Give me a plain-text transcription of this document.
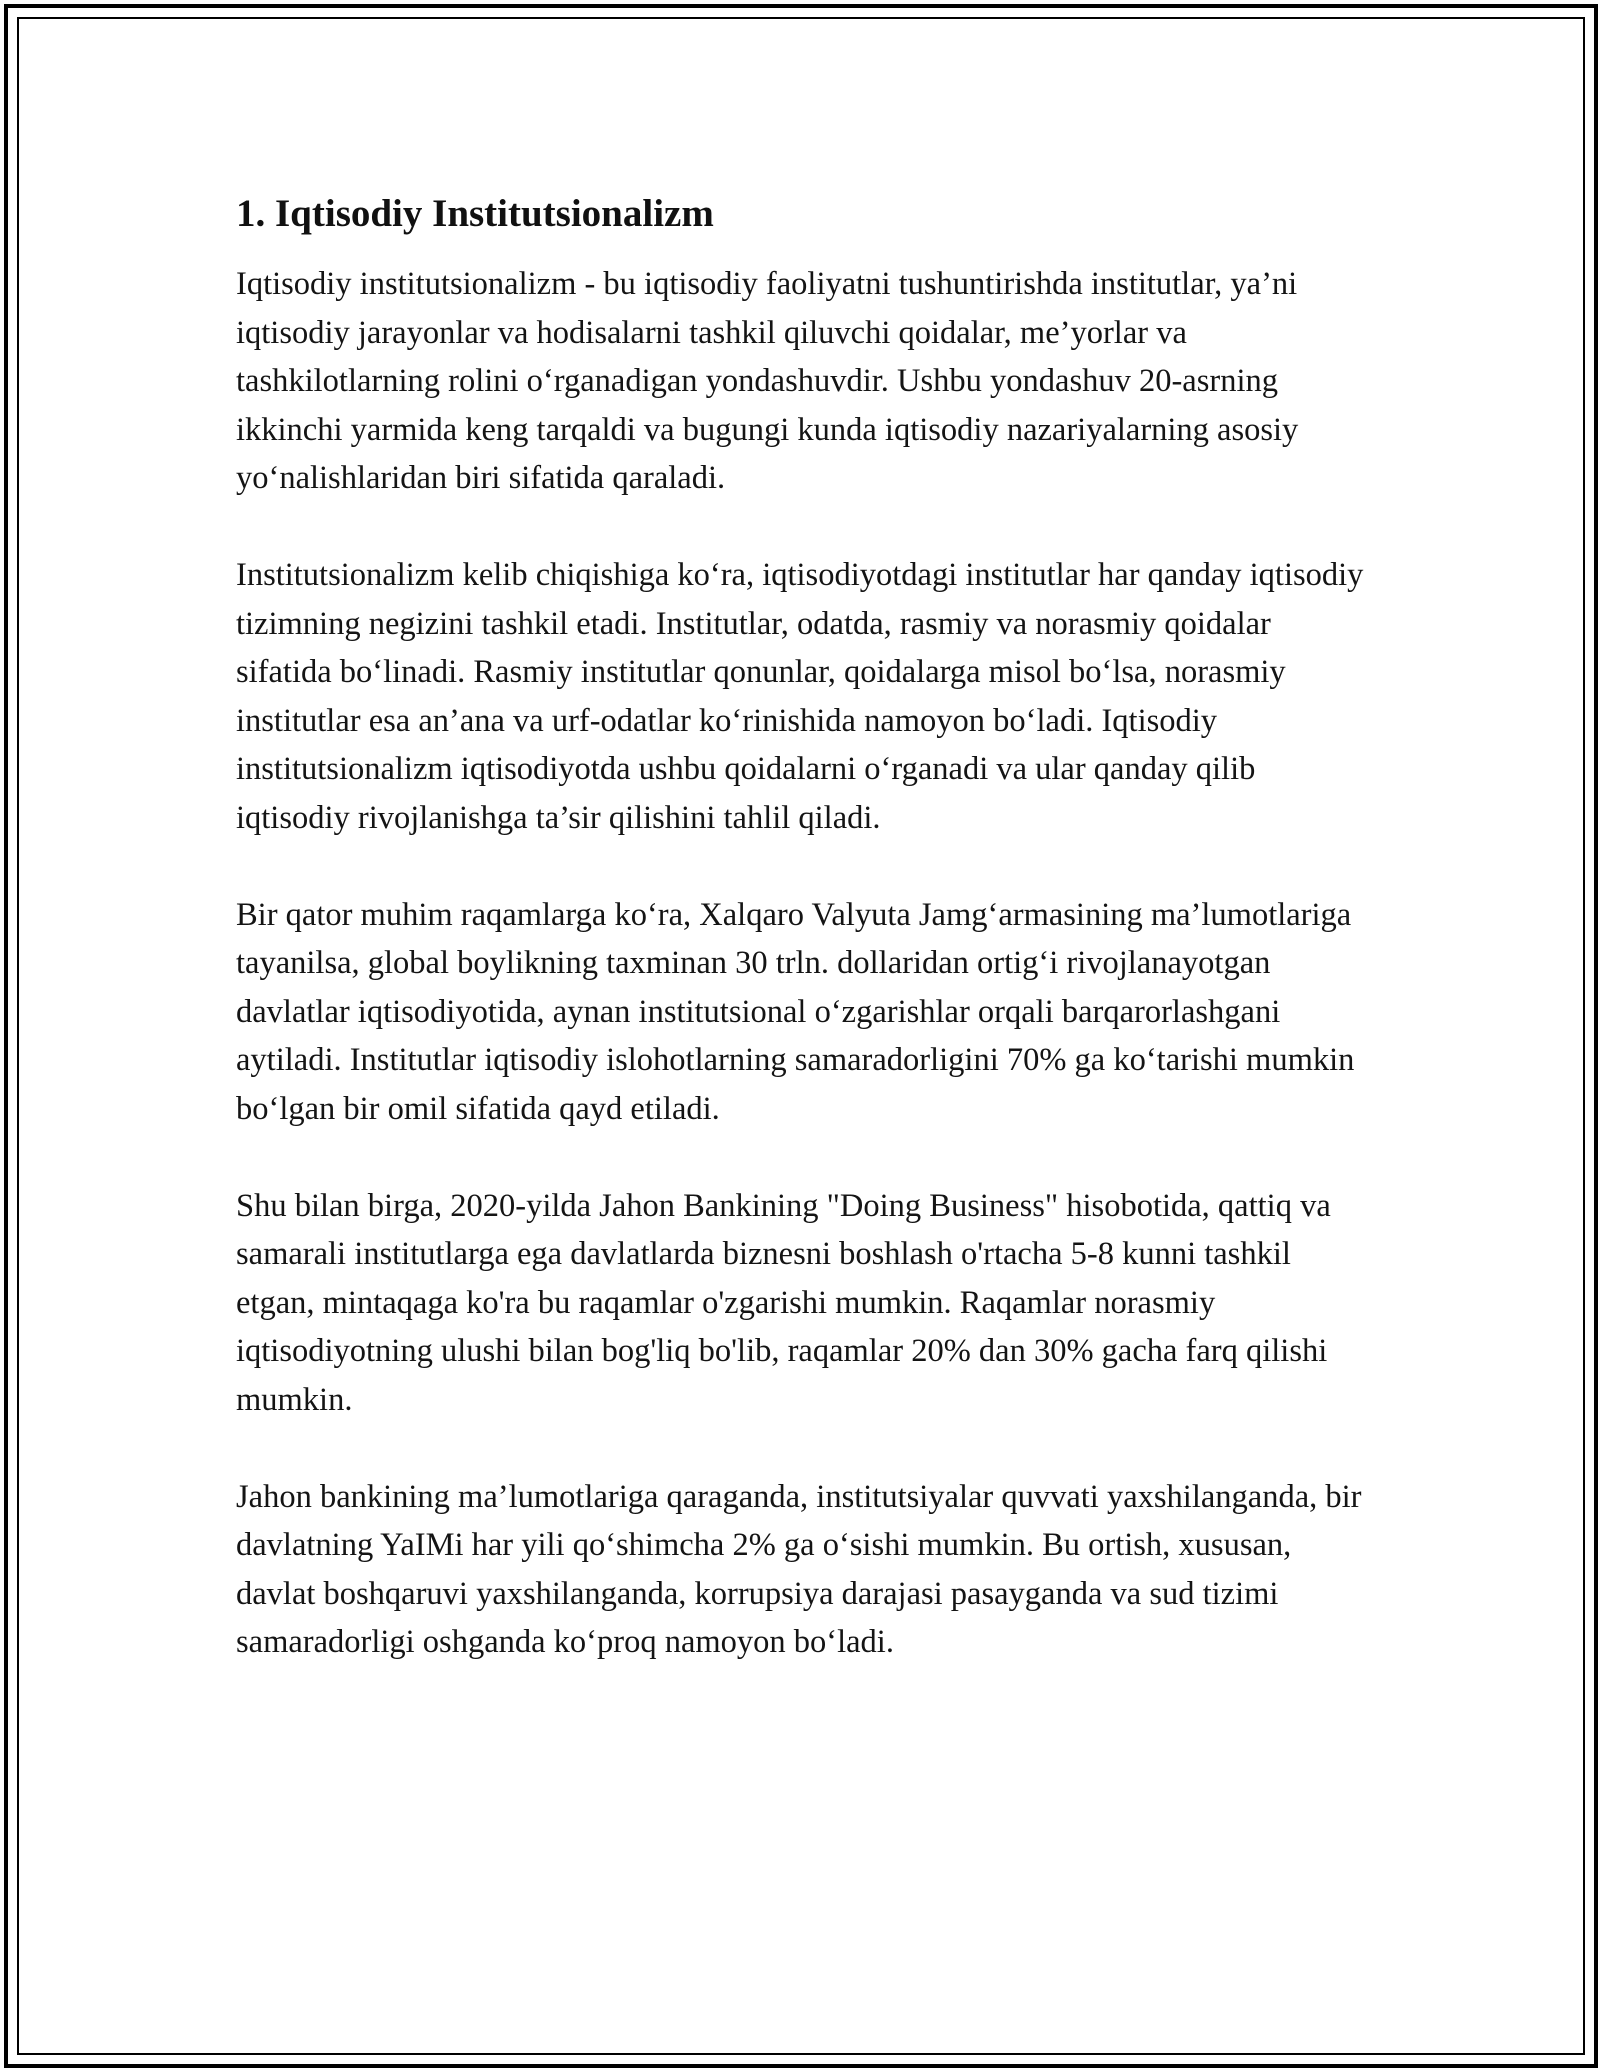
1. Iqtisodiy Institutsionalizm

Iqtisodiy institutsionalizm - bu iqtisodiy faoliyatni tushuntirishda institutlar, ya’ni iqtisodiy jarayonlar va hodisalarni tashkil qiluvchi qoidalar, me’yorlar va tashkilotlarning rolini o‘rganadigan yondashuvdir. Ushbu yondashuv 20-asrning ikkinchi yarmida keng tarqaldi va bugungi kunda iqtisodiy nazariyalarning asosiy yo‘nalishlaridan biri sifatida qaraladi.

Institutsionalizm kelib chiqishiga ko‘ra, iqtisodiyotdagi institutlar har qanday iqtisodiy tizimning negizini tashkil etadi. Institutlar, odatda, rasmiy va norasmiy qoidalar sifatida bo‘linadi. Rasmiy institutlar qonunlar, qoidalarga misol bo‘lsa, norasmiy institutlar esa an’ana va urf-odatlar ko‘rinishida namoyon bo‘ladi. Iqtisodiy institutsionalizm iqtisodiyotda ushbu qoidalarni o‘rganadi va ular qanday qilib iqtisodiy rivojlanishga ta’sir qilishini tahlil qiladi.

Bir qator muhim raqamlarga ko‘ra, Xalqaro Valyuta Jamg‘armasining ma’lumotlariga tayanilsa, global boylikning taxminan 30 trln. dollaridan ortig‘i rivojlanayotgan davlatlar iqtisodiyotida, aynan institutsional o‘zgarishlar orqali barqarorlashgani aytiladi. Institutlar iqtisodiy islohotlarning samaradorligini 70% ga ko‘tarishi mumkin bo‘lgan bir omil sifatida qayd etiladi.

Shu bilan birga, 2020-yilda Jahon Bankining "Doing Business" hisobotida, qattiq va samarali institutlarga ega davlatlarda biznesni boshlash o'rtacha 5-8 kunni tashkil etgan, mintaqaga ko'ra bu raqamlar o'zgarishi mumkin. Raqamlar norasmiy iqtisodiyotning ulushi bilan bog'liq bo'lib, raqamlar 20% dan 30% gacha farq qilishi mumkin.

Jahon bankining ma’lumotlariga qaraganda, institutsiyalar quvvati yaxshilanganda, bir davlatning YaIMi har yili qo‘shimcha 2% ga o‘sishi mumkin. Bu ortish, xususan, davlat boshqaruvi yaxshilanganda, korrupsiya darajasi pasayganda va sud tizimi samaradorligi oshganda ko‘proq namoyon bo‘ladi.
